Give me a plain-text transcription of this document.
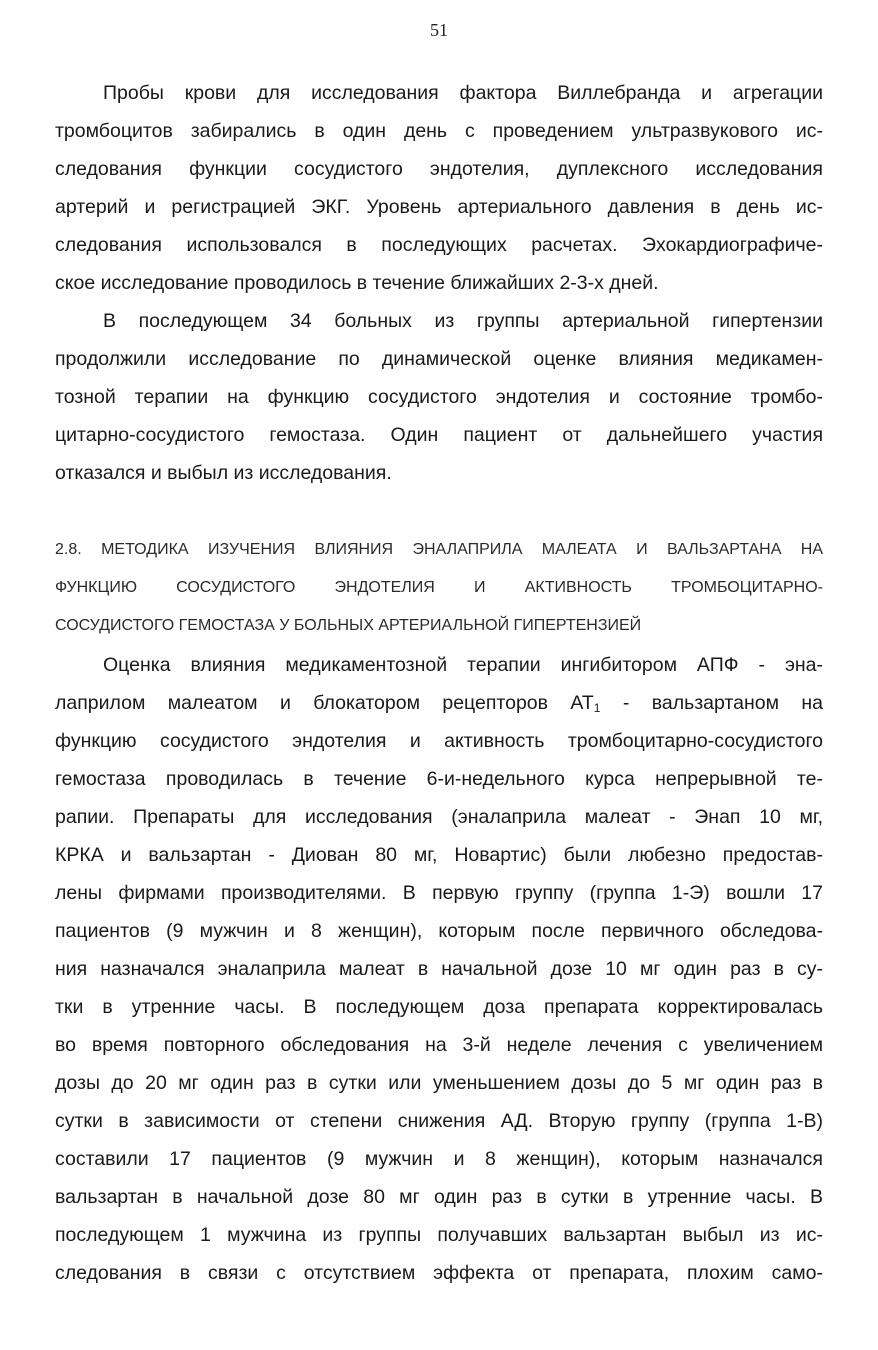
51
Пробы крови для исследования фактора Виллебранда и агрегации
тромбоцитов забирались в один день с проведением ультразвукового ис-
следования функции сосудистого эндотелия, дуплексного исследования
артерий и регистрацией ЭКГ. Уровень артериального давления в день ис-
следования использовался в последующих расчетах. Эхокардиографиче-
ское исследование проводилось в течение ближайших 2-3-х дней.
В последующем 34 больных из группы артериальной гипертензии
продолжили исследование по динамической оценке влияния медикамен-
тозной терапии на функцию сосудистого эндотелия и состояние тромбо-
цитарно-сосудистого гемостаза. Один пациент от дальнейшего участия
отказался и выбыл из исследования.
2.8. МЕТОДИКА ИЗУЧЕНИЯ ВЛИЯНИЯ ЭНАЛАПРИЛА МАЛЕАТА И ВАЛЬЗАРТАНА НА
ФУНКЦИЮ СОСУДИСТОГО ЭНДОТЕЛИЯ И АКТИВНОСТЬ ТРОМБОЦИТАРНО-
СОСУДИСТОГО ГЕМОСТАЗА У БОЛЬНЫХ АРТЕРИАЛЬНОЙ ГИПЕРТЕНЗИЕЙ
Оценка влияния медикаментозной терапии ингибитором АПФ - эна-
лаприлом малеатом и блокатором рецепторов $АТ_1$ - вальзартаном на
функцию сосудистого эндотелия и активность тромбоцитарно-сосудистого
гемостаза проводилась в течение 6-и-недельного курса непрерывной те-
рапии. Препараты для исследования (эналаприла малеат - Энап 10 мг,
КРКА и вальзартан - Диован 80 мг, Новартис) были любезно предостав-
лены фирмами производителями. В первую группу (группа 1-Э) вошли 17
пациентов (9 мужчин и 8 женщин), которым после первичного обследова-
ния назначался эналаприла малеат в начальной дозе 10 мг один раз в су-
тки в утренние часы. В последующем доза препарата корректировалась
во время повторного обследования на 3-й неделе лечения с увеличением
дозы до 20 мг один раз в сутки или уменьшением дозы до 5 мг один раз в
сутки в зависимости от степени снижения АД. Вторую группу (группа 1-В)
составили 17 пациентов (9 мужчин и 8 женщин), которым назначался
вальзартан в начальной дозе 80 мг один раз в сутки в утренние часы. В
последующем 1 мужчина из группы получавших вальзартан выбыл из ис-
следования в связи с отсутствием эффекта от препарата, плохим само-
